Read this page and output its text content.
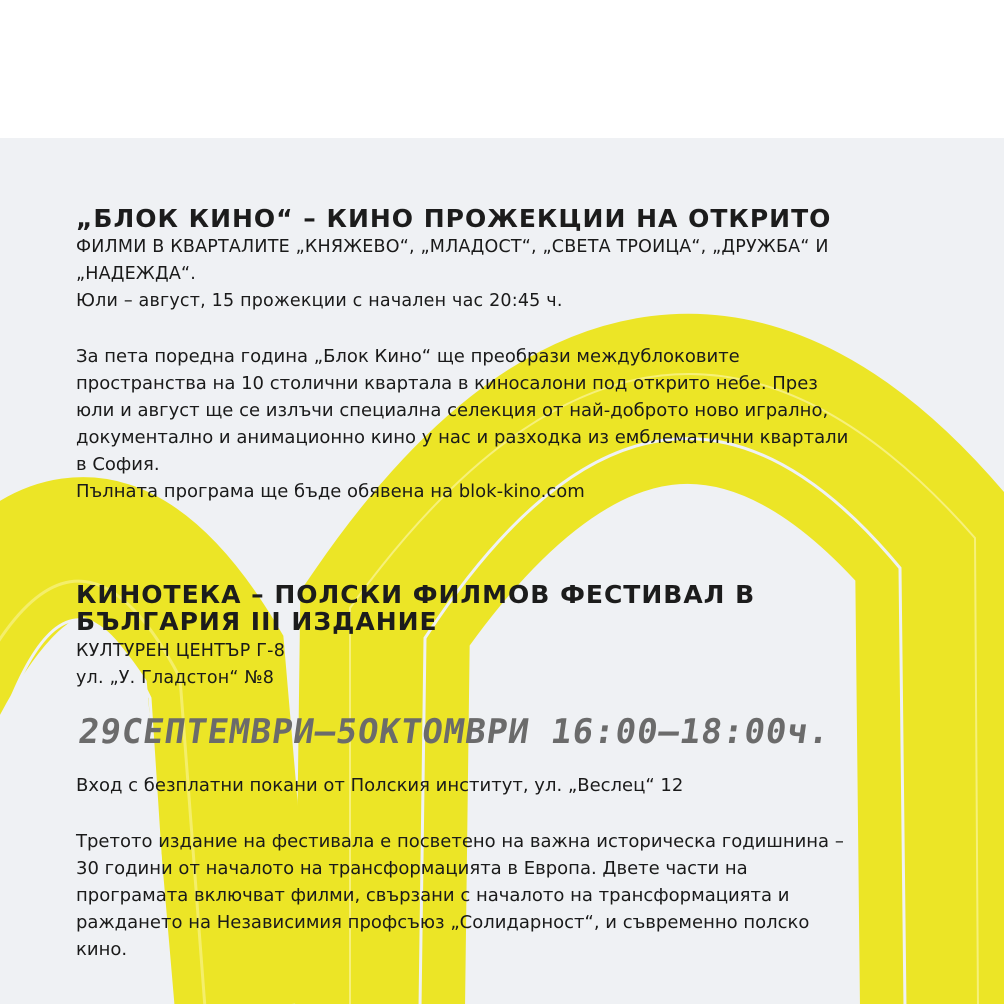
„БЛОК КИНО“ – КИНО ПРОЖЕКЦИИ НА ОТКРИТО

ФИЛМИ В КВАРТАЛИТЕ „КНЯЖЕВО“, „МЛАДОСТ“, „СВЕТА ТРОИЦА“, „ДРУЖБА“ И

„НАДЕЖДА“.

Юли – август, 15 прожекции с начален час 20:45 ч.

За пета поредна година „Блок Кино“ ще преобрази междублоковите

пространства на 10 столични квартала в киносалони под открито небе. През

юли и август ще се излъчи специална селекция от най-доброто ново игрално,

документално и анимационно кино у нас и разходка из емблематични квартали

в София.

Пълната програма ще бъде обявена на blok-kino.com

КИНОТЕКА – ПОЛСКИ ФИЛМОВ ФЕСТИВАЛ В
БЪЛГАРИЯ III ИЗДАНИЕ

КУЛТУРЕН ЦЕНТЪР Г-8

ул. „У. Гладстон“ №8

29СЕПТЕМВРИ–5ОКТОМВРИ 16:00–18:00ч.

Вход с безплатни покани от Полския институт, ул. „Веслец“ 12

Третото издание на фестивала е посветено на важна историческа годишнина –

30 години от началото на трансформацията в Европа. Двете части на

програмата включват филми, свързани с началото на трансформацията и

раждането на Независимия профсъюз „Солидарност“, и съвременно полско

кино.
